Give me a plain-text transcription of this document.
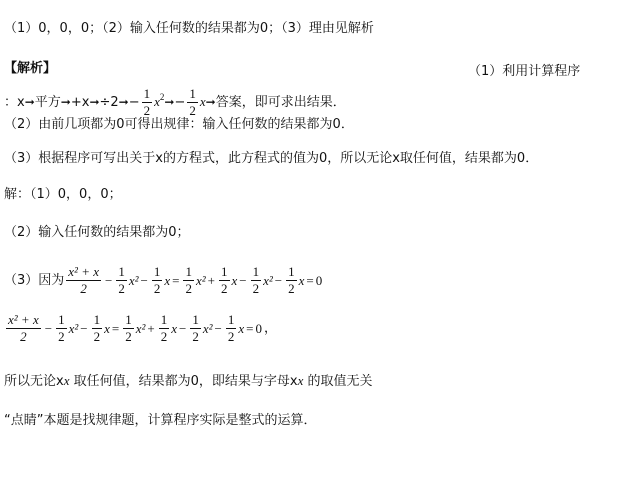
（1）0，0，0；（2）输入任何数的结果都为0；（3）理由见解析
【解析】	（1）利用计算程序
：x➞平方➞+x➞÷2➞− $\frac{1}{2}$ $x^2➞- \frac{1}{2}$ x➞答案，即可求出结果．
（2）由前几项都为0可得出规律：输入任何数的结果都为0．
（3）根据程序可写出关于x的方程式，此方程式的值为0，所以无论x取任何值，结果都为0．
解：（1）0，0，0；
（2）输入任何数的结果都为0；
（3）因为 $\frac{\text{x² + x}}{2} - \frac{1}{2} x^2 - \frac{1}{2}$ $x = \frac{1}{2} x^2 + \frac{1}{2}$ $x - \frac{1}{2} x^2 - \frac{1}{2}$ x = 0
$\frac{\text{x² + x}}{2} - \frac{1}{2} x^2 - \frac{1}{2}$ $x = \frac{1}{2} x^2 + \frac{1}{2}$ $x - \frac{1}{2} x^2 - \frac{1}{2}$ x = 0 ，
所以无论xx 取任何值，结果都为0，即结果与字母xx 的取值无关
“点睛”本题是找规律题，计算程序实际是整式的运算．
